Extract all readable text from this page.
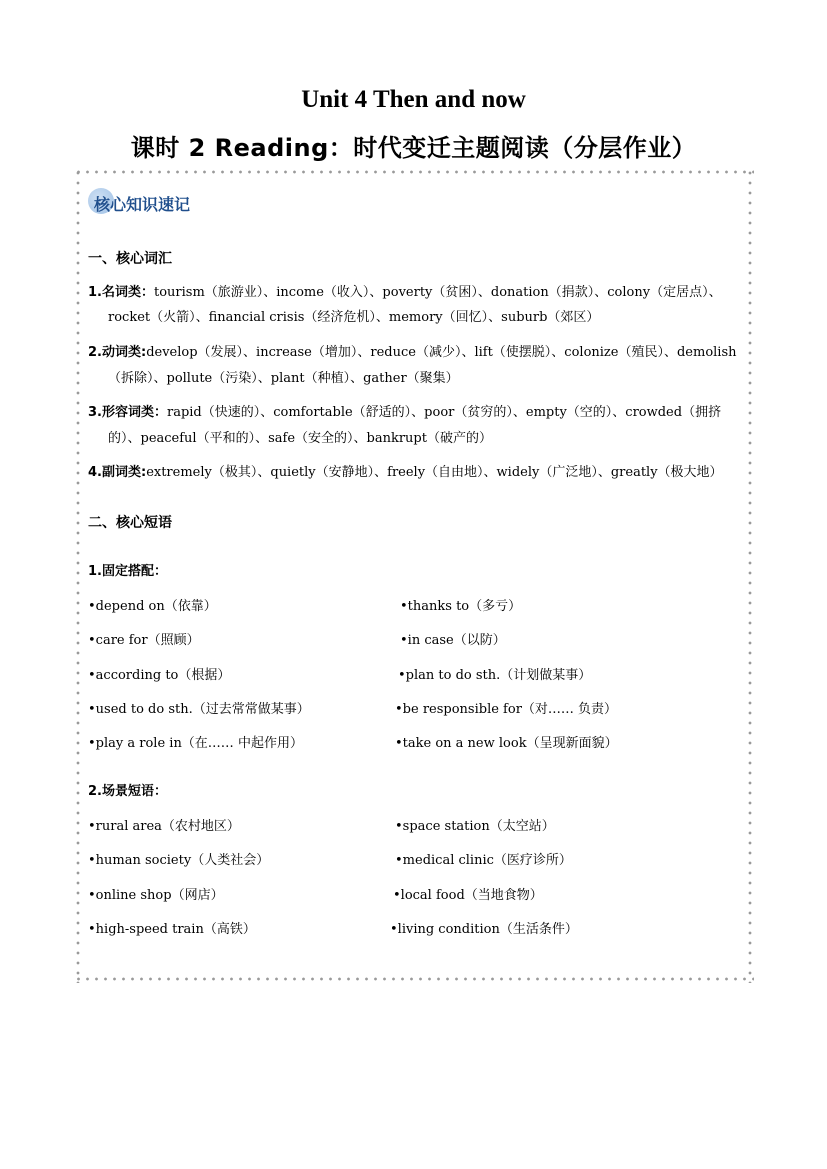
Unit 4 Then and now
课时 2 Reading：时代变迁主题阅读（分层作业）
核心知识速记
一、核心词汇
1.名词类：tourism（旅游业）、income（收入）、poverty（贫困）、donation（捐款）、colony（定居点）、
rocket（火箭）、financial crisis（经济危机）、memory（回忆）、suburb（郊区）
2.动词类:develop（发展）、increase（增加）、reduce（减少）、lift（使摆脱）、colonize（殖民）、demolish
（拆除）、pollute（污染）、plant（种植）、gather（聚集）
3.形容词类：rapid（快速的）、comfortable（舒适的）、poor（贫穷的）、empty（空的）、crowded（拥挤
的）、peaceful（平和的）、safe（安全的）、bankrupt（破产的）
4.副词类:extremely（极其）、quietly（安静地）、freely（自由地）、widely（广泛地）、greatly（极大地）
二、核心短语
1.固定搭配：
•depend on（依靠）	•thanks to（多亏）
•care for（照顾）	•in case（以防）
•according to（根据）	•plan to do sth.（计划做某事）
•used to do sth.（过去常常做某事）	•be responsible for（对…… 负责）
•play a role in（在…… 中起作用）	•take on a new look（呈现新面貌）
2.场景短语：
•rural area（农村地区）	•space station（太空站）
•human society（人类社会）	•medical clinic（医疗诊所）
•online shop（网店）	•local food（当地食物）
•high-speed train（高铁）	•living condition（生活条件）
